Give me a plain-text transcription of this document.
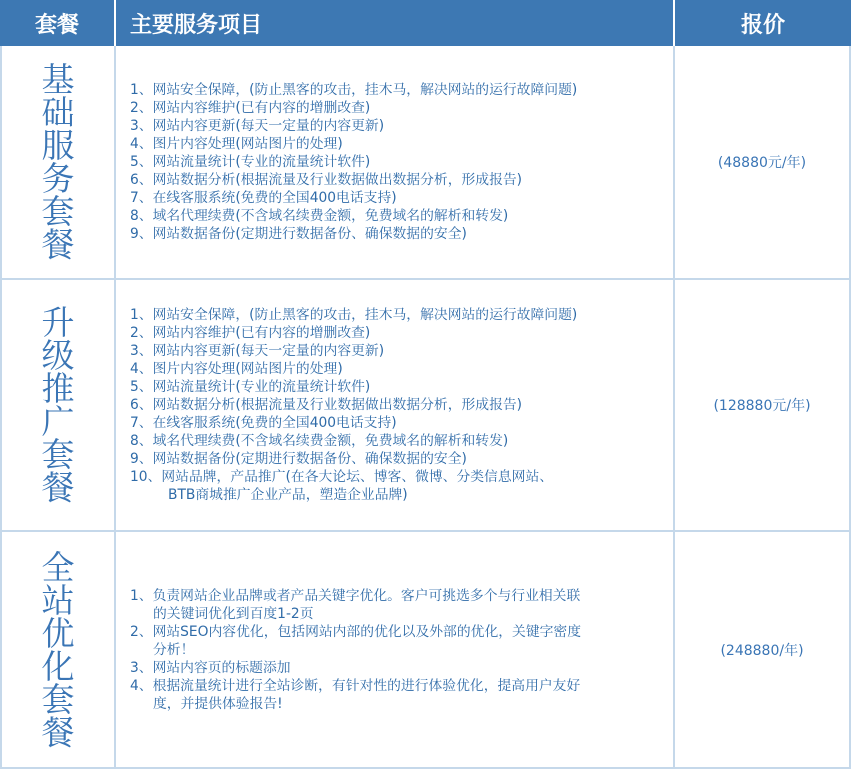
套餐	主要服务项目	报价
基础服务套餐
1、网站安全保障，(防止黑客的攻击，挂木马，解决网站的运行故障问题)
2、网站内容维护(已有内容的增删改查)
3、网站内容更新(每天一定量的内容更新)
4、图片内容处理(网站图片的处理)
5、网站流量统计(专业的流量统计软件)
6、网站数据分析(根据流量及行业数据做出数据分析，形成报告)
7、在线客服系统(免费的全国400电话支持)
8、域名代理续费(不含域名续费金额，免费域名的解析和转发)
9、网站数据备份(定期进行数据备份、确保数据的安全)
(48880元/年)
升级推广套餐
1、网站安全保障，(防止黑客的攻击，挂木马，解决网站的运行故障问题)
2、网站内容维护(已有内容的增删改查)
3、网站内容更新(每天一定量的内容更新)
4、图片内容处理(网站图片的处理)
5、网站流量统计(专业的流量统计软件)
6、网站数据分析(根据流量及行业数据做出数据分析，形成报告)
7、在线客服系统(免费的全国400电话支持)
8、域名代理续费(不含域名续费金额，免费域名的解析和转发)
9、网站数据备份(定期进行数据备份、确保数据的安全)
10、网站品牌，产品推广(在各大论坛、博客、微博、分类信息网站、
BTB商城推广企业产品，塑造企业品牌)
(128880元/年)
全站优化套餐
1、负责网站企业品牌或者产品关键字优化。客户可挑选多个与行业相关联
的关键词优化到百度1-2页
2、网站SEO内容优化，包括网站内部的优化以及外部的优化，关键字密度
分析！
3、网站内容页的标题添加
4、根据流量统计进行全站诊断，有针对性的进行体验优化，提高用户友好
度，并提供体验报告!
(248880/年)
